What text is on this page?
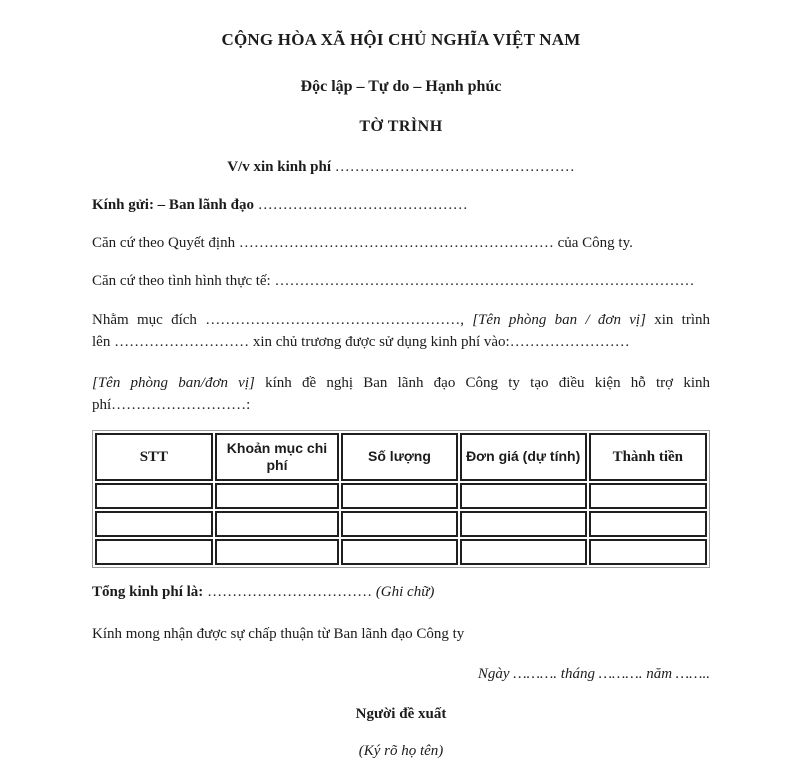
CỘNG HÒA XÃ HỘI CHỦ NGHĨA VIỆT NAM
Độc lập – Tự do – Hạnh phúc
TỜ TRÌNH
V/v xin kinh phí …………………………………………
Kính gửi: – Ban lãnh đạo ……………………………………
Căn cứ theo Quyết định ……………………………………………………… của Công ty.
Căn cứ theo tình hình thực tế: …………………………………………………………………………
Nhằm mục đích ……………………………………………, [Tên phòng ban / đơn vị] xin trình
lên ……………………… xin chủ trương được sử dụng kinh phí vào:……………………
[Tên phòng ban/đơn vị] kính đề nghị Ban lãnh đạo Công ty tạo điều kiện hỗ trợ kinh
phí………………………:
STT	Khoản mục chi phí	Số lượng	Đơn giá (dự tính)	Thành tiền

Tổng kinh phí là: …………………………… (Ghi chữ)
Kính mong nhận được sự chấp thuận từ Ban lãnh đạo Công ty
Ngày ………. tháng ………. năm ……..
Người đề xuất
(Ký rõ họ tên)
